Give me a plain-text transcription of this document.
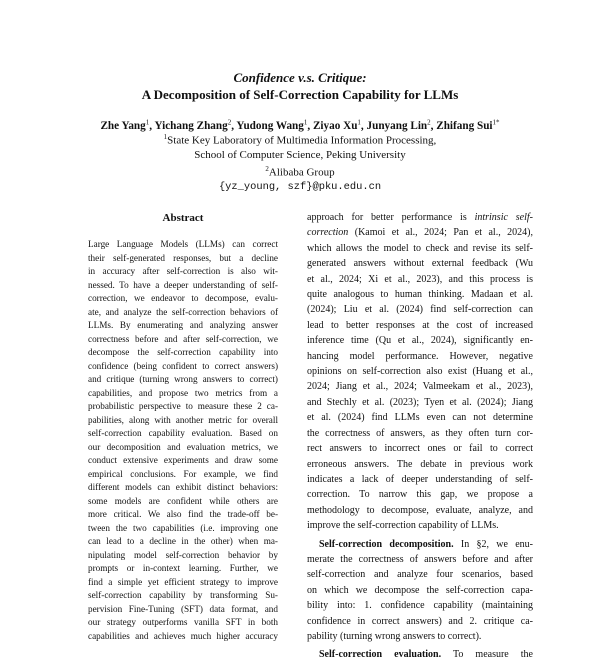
Confidence v.s. Critique:
A Decomposition of Self-Correction Capability for LLMs
Zhe Yang$^1$, Yichang Zhang$^2$, Yudong Wang$^1$, Ziyao Xu$^1$, Junyang Lin$^2$, Zhifang Sui$^{1*}$
$^1$State Key Laboratory of Multimedia Information Processing,
School of Computer Science, Peking University
$^2$Alibaba Group
{yz_young, szf}@pku.edu.cn
Abstract
Large Language Models (LLMs) can correct
their self-generated responses, but a decline
in accuracy after self-correction is also wit-
nessed. To have a deeper understanding of self-
correction, we endeavor to decompose, evalu-
ate, and analyze the self-correction behaviors of
LLMs. By enumerating and analyzing answer
correctness before and after self-correction, we
decompose the self-correction capability into
confidence (being confident to correct answers)
and critique (turning wrong answers to correct)
capabilities, and propose two metrics from a
probabilistic perspective to measure these 2 ca-
pabilities, along with another metric for overall
self-correction capability evaluation. Based on
our decomposition and evaluation metrics, we
conduct extensive experiments and draw some
empirical conclusions. For example, we find
different models can exhibit distinct behaviors:
some models are confident while others are
more critical. We also find the trade-off be-
tween the two capabilities (i.e. improving one
can lead to a decline in the other) when ma-
nipulating model self-correction behavior by
prompts or in-context learning. Further, we
find a simple yet efficient strategy to improve
self-correction capability by transforming Su-
pervision Fine-Tuning (SFT) data format, and
our strategy outperforms vanilla SFT in both
capabilities and achieves much higher accuracy
approach for better performance is intrinsic self-
correction (Kamoi et al., 2024; Pan et al., 2024),
which allows the model to check and revise its self-
generated answers without external feedback (Wu
et al., 2024; Xi et al., 2023), and this process is
quite analogous to human thinking. Madaan et al.
(2024); Liu et al. (2024) find self-correction can
lead to better responses at the cost of increased
inference time (Qu et al., 2024), significantly en-
hancing model performance. However, negative
opinions on self-correction also exist (Huang et al.,
2024; Jiang et al., 2024; Valmeekam et al., 2023),
and Stechly et al. (2023); Tyen et al. (2024); Jiang
et al. (2024) find LLMs even can not determine
the correctness of answers, as they often turn cor-
rect answers to incorrect ones or fail to correct
erroneous answers. The debate in previous work
indicates a lack of deeper understanding of self-
correction. To narrow this gap, we propose a
methodology to decompose, evaluate, analyze, and
improve the self-correction capability of LLMs.
Self-correction decomposition. In §2, we enu-
merate the correctness of answers before and after
self-correction and analyze four scenarios, based
on which we decompose the self-correction capa-
bility into: 1. confidence capability (maintaining
confidence in correct answers) and 2. critique ca-
pability (turning wrong answers to correct).
Self-correction evaluation. To measure the
